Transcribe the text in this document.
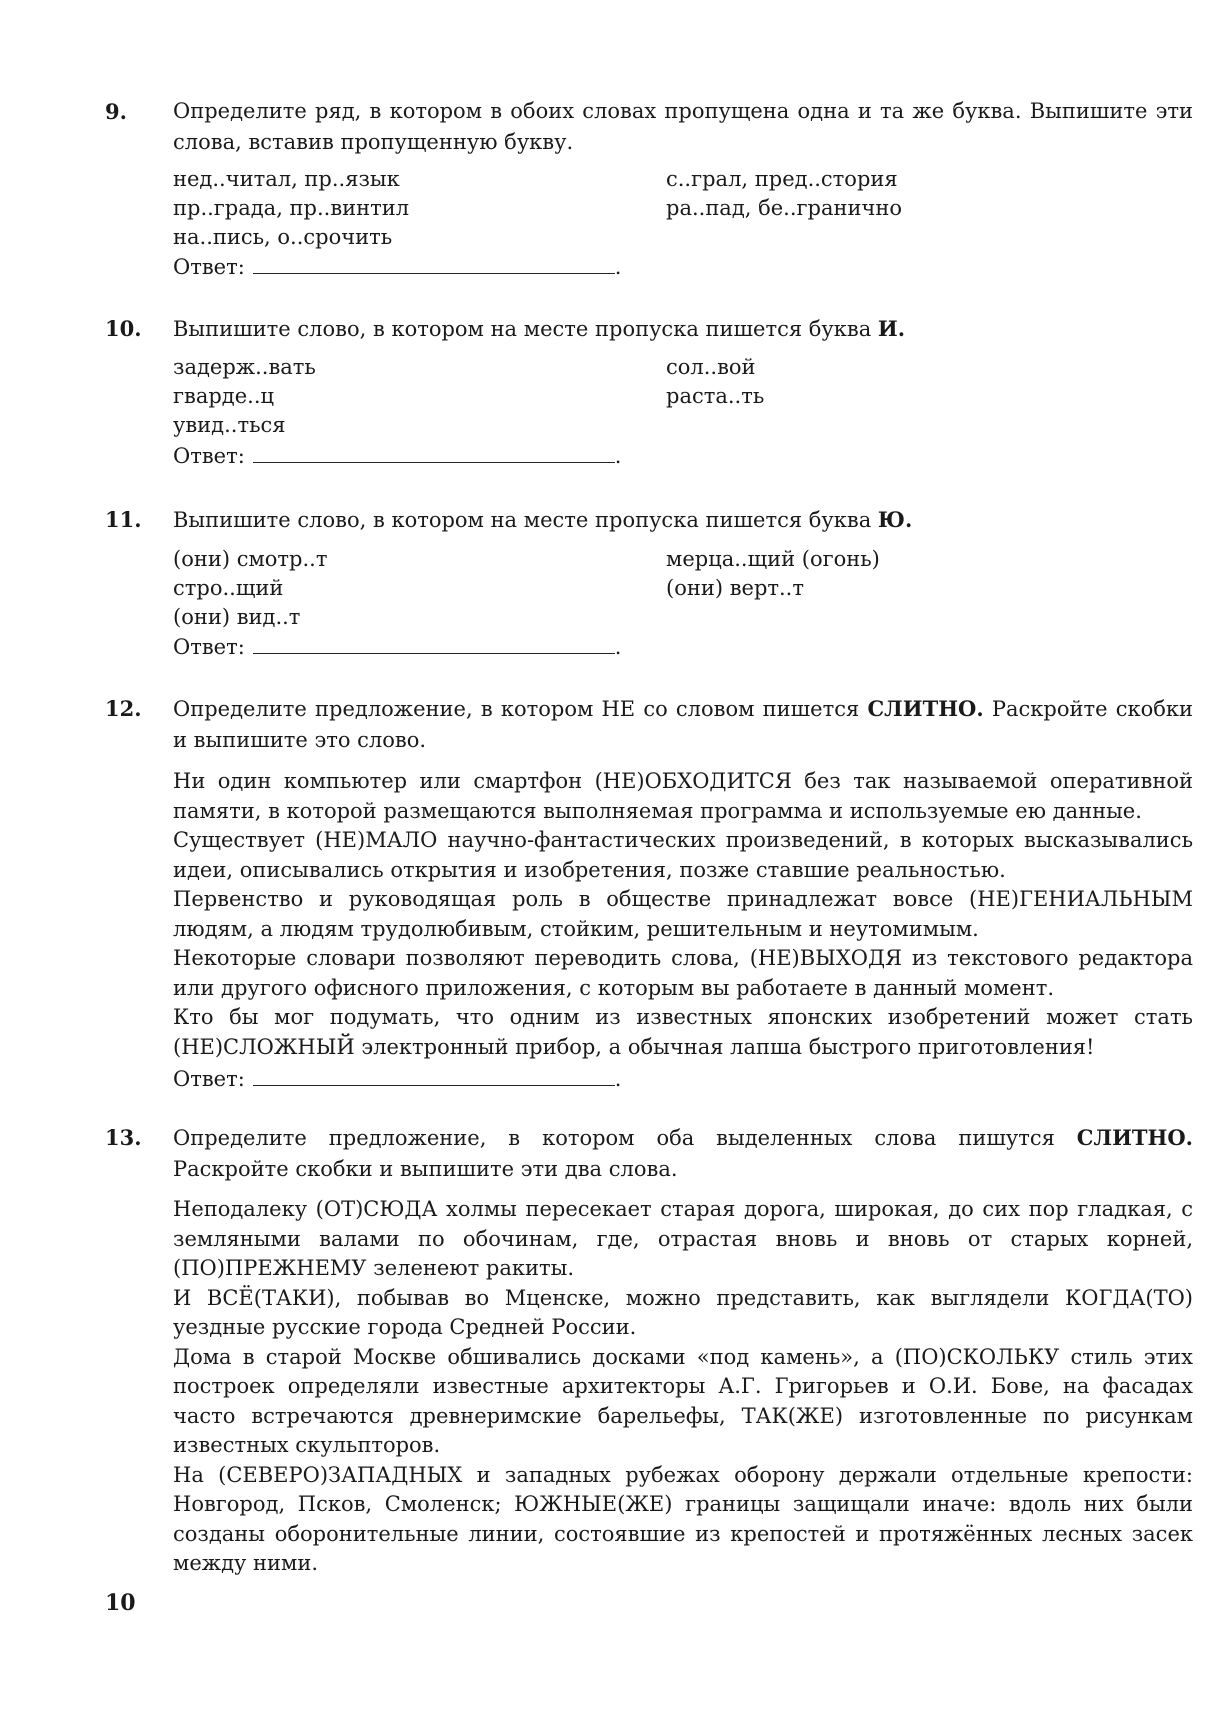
9. Определите ряд, в котором в обоих словах пропущена одна и та же буква. Выпишите эти слова, вставив пропущенную букву.
нед..читал, пр..язык
пр..града, пр..винтил
на..пись, о..срочить
с..грал, пред..стория
ра..пад, бе..гранично
Ответ:	.
10. Выпишите слово, в котором на месте пропуска пишется буква И.
задерж..вать
гварде..ц
увид..ться
сол..вой
раста..ть
Ответ:	.
11. Выпишите слово, в котором на месте пропуска пишется буква Ю.
(они) смотр..т
стро..щий
(они) вид..т
мерца..щий (огонь)
(они) верт..т
Ответ:	.
12. Определите предложение, в котором НЕ со словом пишется СЛИТНО. Раскройте скобки и выпишите это слово.

Ни один компьютер или смартфон (НЕ)ОБХОДИТСЯ без так называемой оперативной памяти, в которой размещаются выполняемая программа и используемые ею данные.

Существует (НЕ)МАЛО научно-фантастических произведений, в которых высказывались идеи, описывались открытия и изобретения, позже ставшие реальностью.

Первенство и руководящая роль в обществе принадлежат вовсе (НЕ)ГЕНИАЛЬНЫМ людям, а людям трудолюбивым, стойким, решительным и неутомимым.

Некоторые словари позволяют переводить слова, (НЕ)ВЫХОДЯ из текстового редактора или другого офисного приложения, с которым вы работаете в данный момент.

Кто бы мог подумать, что одним из известных японских изобретений может стать (НЕ)СЛОЖНЫЙ электронный прибор, а обычная лапша быстрого приготовления!

Ответ:	.
13. Определите предложение, в котором оба выделенных слова пишутся СЛИТНО. Раскройте скобки и выпишите эти два слова.

Неподалеку (ОТ)СЮДА холмы пересекает старая дорога, широкая, до сих пор гладкая, с земляными валами по обочинам, где, отрастая вновь и вновь от старых корней, (ПО)ПРЕЖНЕМУ зеленеют ракиты.

И ВСЁ(ТАКИ), побывав во Мценске, можно представить, как выглядели КОГДА(ТО) уездные русские города Средней России.

Дома в старой Москве обшивались досками «под камень», а (ПО)СКОЛЬКУ стиль этих построек определяли известные архитекторы А.Г. Григорьев и О.И. Бове, на фасадах часто встречаются древнеримские барельефы, ТАК(ЖЕ) изготовленные по рисункам известных скульпторов.

На (СЕВЕРО)ЗАПАДНЫХ и западных рубежах оборону держали отдельные крепости: Новгород, Псков, Смоленск; ЮЖНЫЕ(ЖЕ) границы защищали иначе: вдоль них были созданы оборонительные линии, состоявшие из крепостей и протяжённых лесных засек между ними.

10
